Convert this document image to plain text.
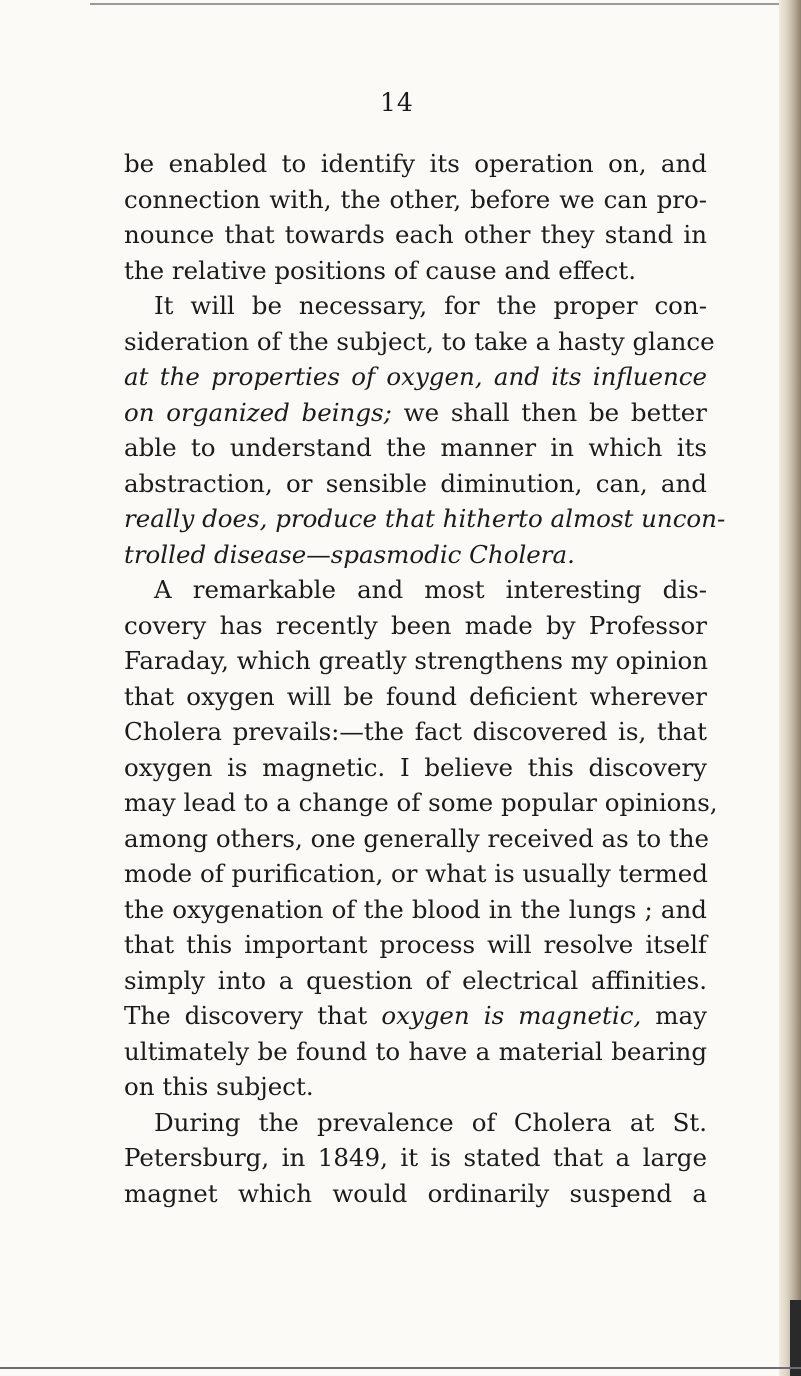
14
be enabled to identify its operation on, and
connection with, the other, before we can pro-
nounce that towards each other they stand in
the relative positions of cause and effect.
It will be necessary, for the proper con-
sideration of the subject, to take a hasty glance
at the properties of oxygen, and its influence
on organized beings; we shall then be better
able to understand the manner in which its
abstraction, or sensible diminution, can, and
really does, produce that hitherto almost uncon-
trolled disease—spasmodic Cholera.
A remarkable and most interesting dis-
covery has recently been made by Professor
Faraday, which greatly strengthens my opinion
that oxygen will be found deficient wherever
Cholera prevails:—the fact discovered is, that
oxygen is magnetic. I believe this discovery
may lead to a change of some popular opinions,
among others, one generally received as to the
mode of purification, or what is usually termed
the oxygenation of the blood in the lungs ; and
that this important process will resolve itself
simply into a question of electrical affinities.
The discovery that oxygen is magnetic, may
ultimately be found to have a material bearing
on this subject.
During the prevalence of Cholera at St.
Petersburg, in 1849, it is stated that a large
magnet which would ordinarily suspend a
